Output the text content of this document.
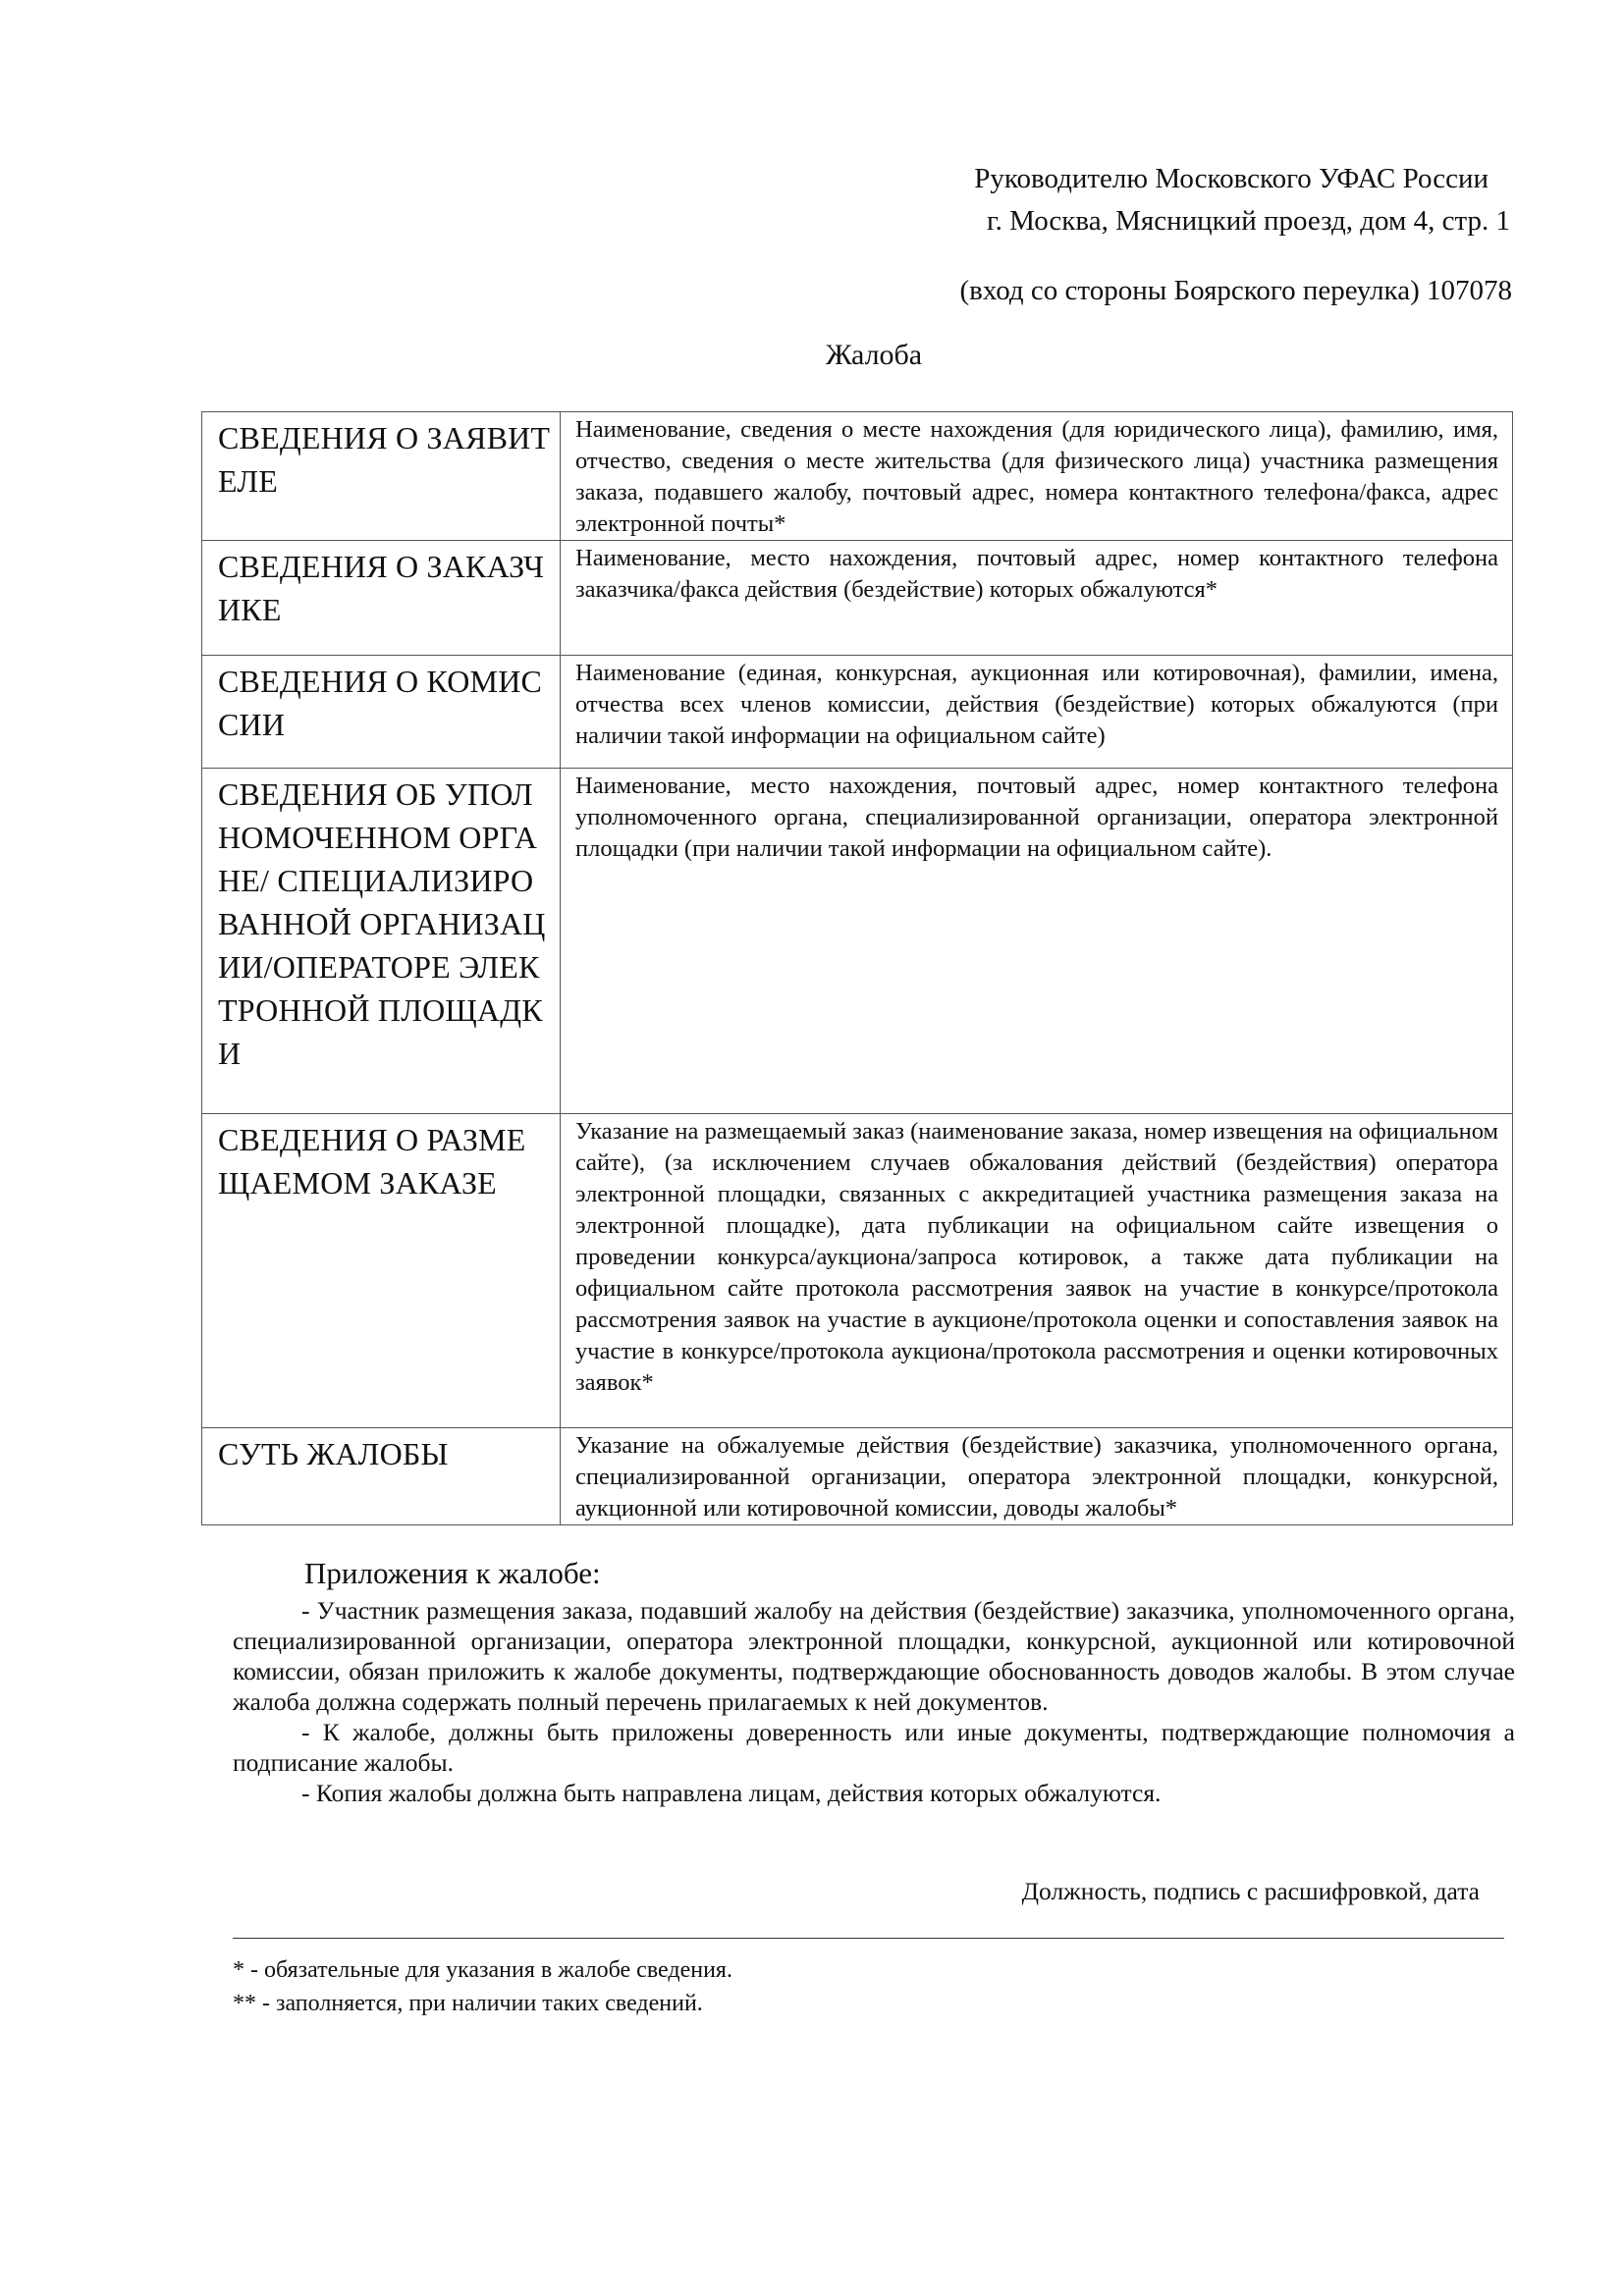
Руководителю Московского УФАС России
г. Москва, Мясницкий проезд, дом 4, стр. 1
(вход со стороны Боярского переулка) 107078
Жалоба
СВЕДЕНИЯ О ЗАЯВИТЕЛЕ	Наименование, сведения о месте нахождения (для юридического лица), фамилию, имя, отчество, сведения о месте жительства (для физического лица) участника размещения заказа, подавшего жалобу, почтовый адрес, номера контактного телефона/факса, адрес электронной почты*
СВЕДЕНИЯ О ЗАКАЗЧИКЕ	Наименование, место нахождения, почтовый адрес, номер контактного телефона заказчика/факса действия (бездействие) которых обжалуются*
СВЕДЕНИЯ О КОМИССИИ	Наименование (единая, конкурсная, аукционная или котировочная), фамилии, имена, отчества всех членов комиссии, действия (бездействие) которых обжалуются (при наличии такой информации на официальном сайте)
СВЕДЕНИЯ ОБ УПОЛНОМОЧЕННОМ ОРГАНЕ/ СПЕЦИАЛИЗИРОВАННОЙ ОРГАНИЗАЦИИ/ОПЕРАТОРЕ ЭЛЕКТРОННОЙ ПЛОЩАДКИ	Наименование, место нахождения, почтовый адрес, номер контактного телефона уполномоченного органа, специализированной организации, оператора электронной площадки (при наличии такой информации на официальном сайте).
СВЕДЕНИЯ О РАЗМЕЩАЕМОМ ЗАКАЗЕ	Указание на размещаемый заказ (наименование заказа, номер извещения на официальном сайте), (за исключением случаев обжалования действий (бездействия) оператора электронной площадки, связанных с аккредитацией участника размещения заказа на электронной площадке), дата публикации на официальном сайте извещения о проведении конкурса/аукциона/запроса котировок, а также дата публикации на официальном сайте протокола рассмотрения заявок на участие в конкурсе/протокола рассмотрения заявок на участие в аукционе/протокола оценки и сопоставления заявок на участие в конкурсе/протокола аукциона/протокола рассмотрения и оценки котировочных заявок*
СУТЬ ЖАЛОБЫ	Указание на обжалуемые действия (бездействие) заказчика, уполномоченного органа, специализированной организации, оператора электронной площадки, конкурсной, аукционной или котировочной комиссии, доводы жалобы*
Приложения к жалобе:

- Участник размещения заказа, подавший жалобу на действия (бездействие) заказчика, уполномоченного органа, специализированной организации, оператора электронной площадки, конкурсной, аукционной или котировочной комиссии, обязан приложить к жалобе документы, подтверждающие обоснованность доводов жалобы. В этом случае жалоба должна содержать полный перечень прилагаемых к ней документов.

- К жалобе, должны быть приложены доверенность или иные документы, подтверждающие полномочия а подписание жалобы.

- Копия жалобы должна быть направлена лицам, действия которых обжалуются.

Должность, подпись с расшифровкой, дата
* - обязательные для указания в жалобе сведения.
** - заполняется, при наличии таких сведений.
